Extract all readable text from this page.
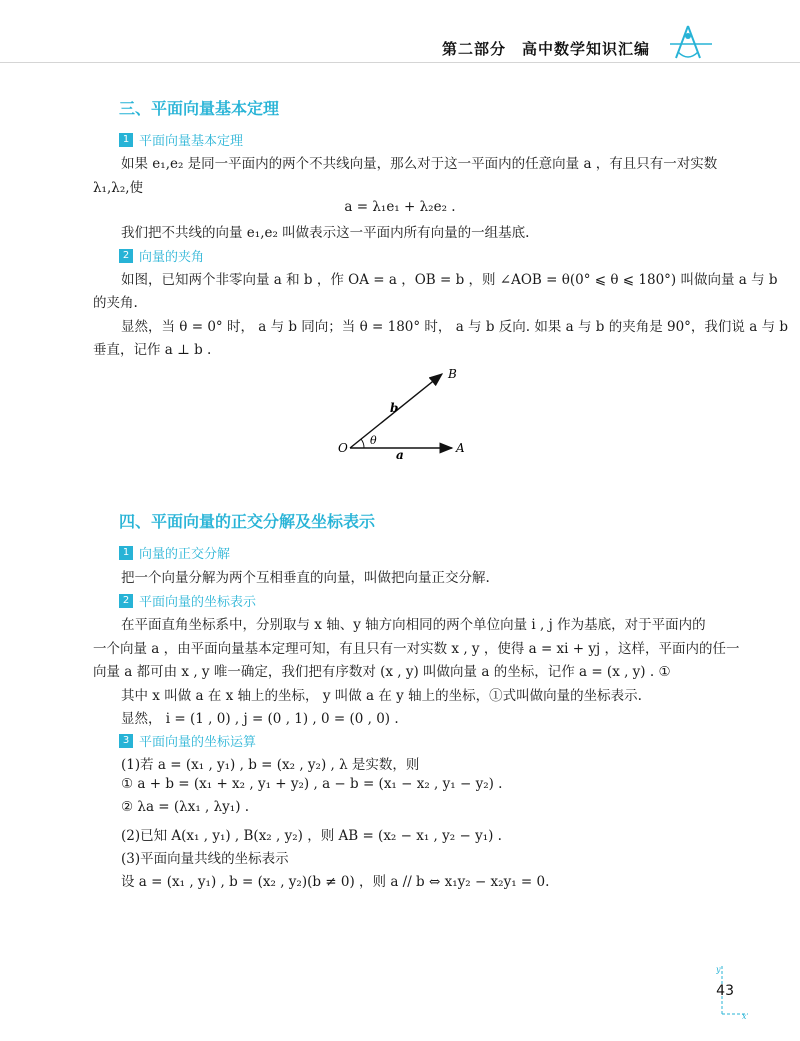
第二部分　高中数学知识汇编
三、平面向量基本定理
1 平面向量基本定理
如果 e₁,e₂ 是同一平面内的两个不共线向量，那么对于这一平面内的任意向量 a ，有且只有一对实数
λ₁,λ₂,使
a = λ₁e₁ + λ₂e₂ .
我们把不共线的向量 e₁,e₂ 叫做表示这一平面内所有向量的一组基底.
2 向量的夹角
如图，已知两个非零向量 a 和 b ，作 OA = a ，OB = b ，则 ∠AOB = θ(0° ⩽ θ ⩽ 180°) 叫做向量 a 与 b
的夹角.
显然，当 θ = 0° 时， a 与 b 同向；当 θ = 180° 时， a 与 b 反向. 如果 a 与 b 的夹角是 90°，我们说 a 与 b
垂直，记作 a ⊥ b .
O	A
B
a
b
θ
四、平面向量的正交分解及坐标表示
1 向量的正交分解
把一个向量分解为两个互相垂直的向量，叫做把向量正交分解.
2 平面向量的坐标表示
在平面直角坐标系中，分别取与 x 轴、y 轴方向相同的两个单位向量 i , j 作为基底，对于平面内的
一个向量 a ，由平面向量基本定理可知，有且只有一对实数 x , y ，使得 a = xi + yj ，这样，平面内的任一
向量 a 都可由 x , y 唯一确定，我们把有序数对 (x , y) 叫做向量 a 的坐标，记作 a = (x , y) . ①
其中 x 叫做 a 在 x 轴上的坐标， y 叫做 a 在 y 轴上的坐标，①式叫做向量的坐标表示.
显然， i = (1 , 0) , j = (0 , 1) , 0 = (0 , 0) .
3 平面向量的坐标运算
(1)若 a = (x₁ , y₁) , b = (x₂ , y₂) , λ 是实数，则
① a + b = (x₁ + x₂ , y₁ + y₂) , a − b = (x₁ − x₂ , y₁ − y₂) .
② λa = (λx₁ , λy₁) .
(2)已知 A(x₁ , y₁) , B(x₂ , y₂) ，则 AB = (x₂ − x₁ , y₂ − y₁) .
(3)平面向量共线的坐标表示
设 a = (x₁ , y₁) , b = (x₂ , y₂)(b ≠ 0) ，则 a // b ⇔ x₁y₂ − x₂y₁ = 0.
y
x
43
